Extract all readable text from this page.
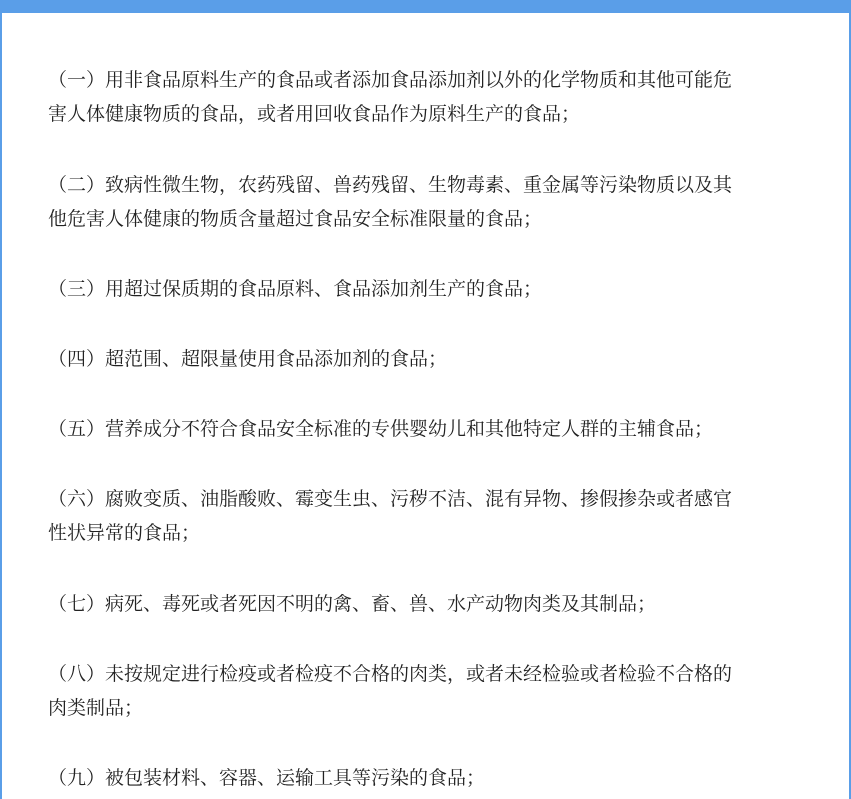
（一）用非食品原料生产的食品或者添加食品添加剂以外的化学物质和其他可能危
害人体健康物质的食品，或者用回收食品作为原料生产的食品；

（二）致病性微生物，农药残留、兽药残留、生物毒素、重金属等污染物质以及其
他危害人体健康的物质含量超过食品安全标准限量的食品；

（三）用超过保质期的食品原料、食品添加剂生产的食品；

（四）超范围、超限量使用食品添加剂的食品；

（五）营养成分不符合食品安全标准的专供婴幼儿和其他特定人群的主辅食品；

（六）腐败变质、油脂酸败、霉变生虫、污秽不洁、混有异物、掺假掺杂或者感官
性状异常的食品；

（七）病死、毒死或者死因不明的禽、畜、兽、水产动物肉类及其制品；

（八）未按规定进行检疫或者检疫不合格的肉类，或者未经检验或者检验不合格的
肉类制品；

（九）被包装材料、容器、运输工具等污染的食品；
